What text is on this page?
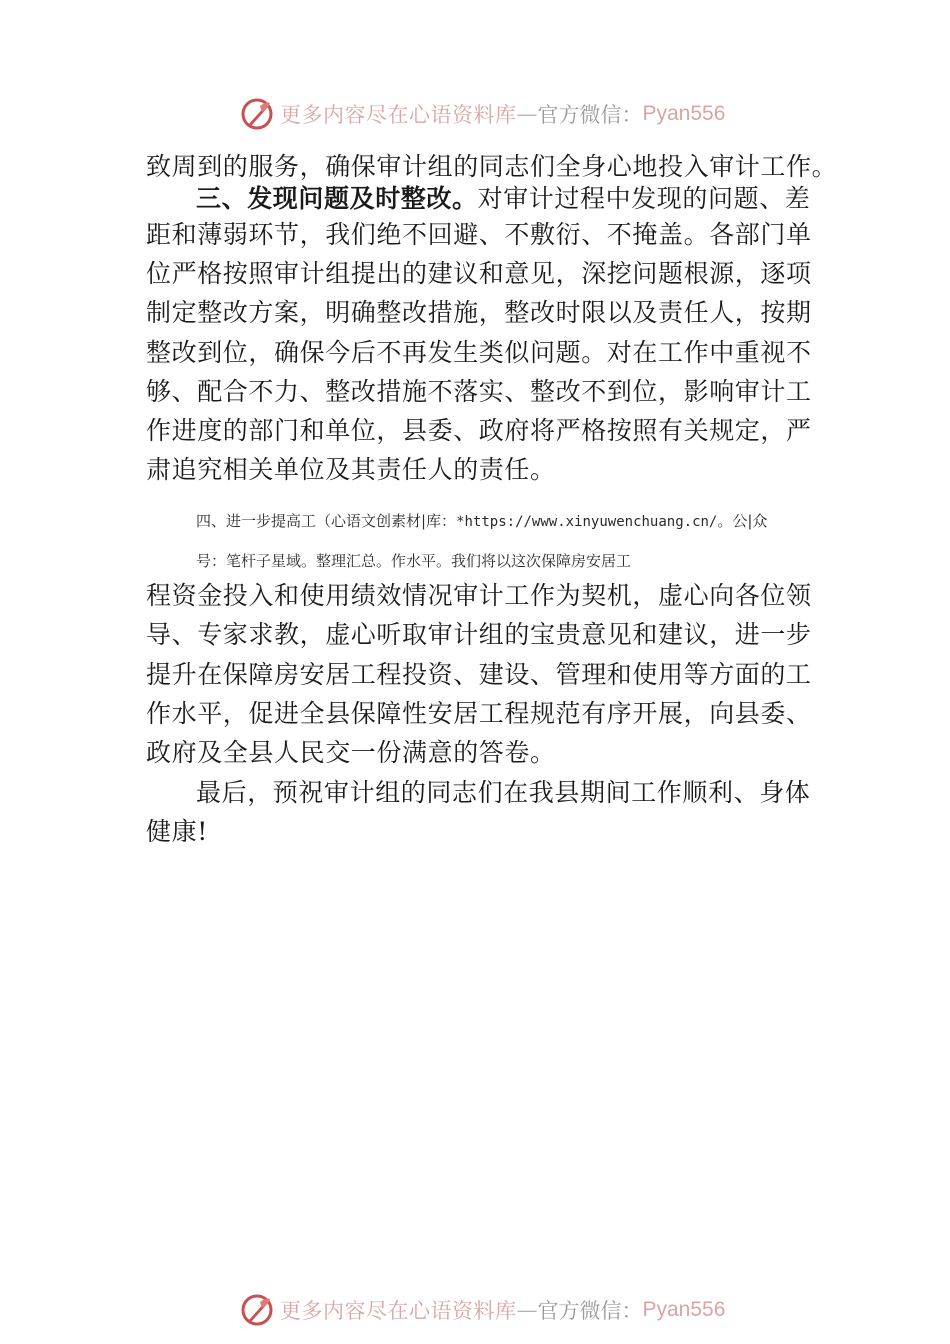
更多内容尽在心语资料库 — 官方微信： Pyan556
致周到的服务，确保审计组的同志们全身心地投入审计工作。
三、发现问题及时整改。对审计过程中发现的问题、差
距和薄弱环节，我们绝不回避、不敷衍、不掩盖。各部门单
位严格按照审计组提出的建议和意见，深挖问题根源，逐项
制定整改方案，明确整改措施，整改时限以及责任人，按期
整改到位，确保今后不再发生类似问题。对在工作中重视不
够、配合不力、整改措施不落实、整改不到位，影响审计工
作进度的部门和单位，县委、政府将严格按照有关规定，严
肃追究相关单位及其责任人的责任。
四、进一步提高工（心语文创素材|库：*https://www.xinyuwenchuang.cn/。公|众
号：笔杆子星域。整理汇总。作水平。我们将以这次保障房安居工
程资金投入和使用绩效情况审计工作为契机，虚心向各位领
导、专家求教，虚心听取审计组的宝贵意见和建议，进一步
提升在保障房安居工程投资、建设、管理和使用等方面的工
作水平，促进全县保障性安居工程规范有序开展，向县委、
政府及全县人民交一份满意的答卷。
最后，预祝审计组的同志们在我县期间工作顺利、身体
健康!
更多内容尽在心语资料库 — 官方微信： Pyan556
